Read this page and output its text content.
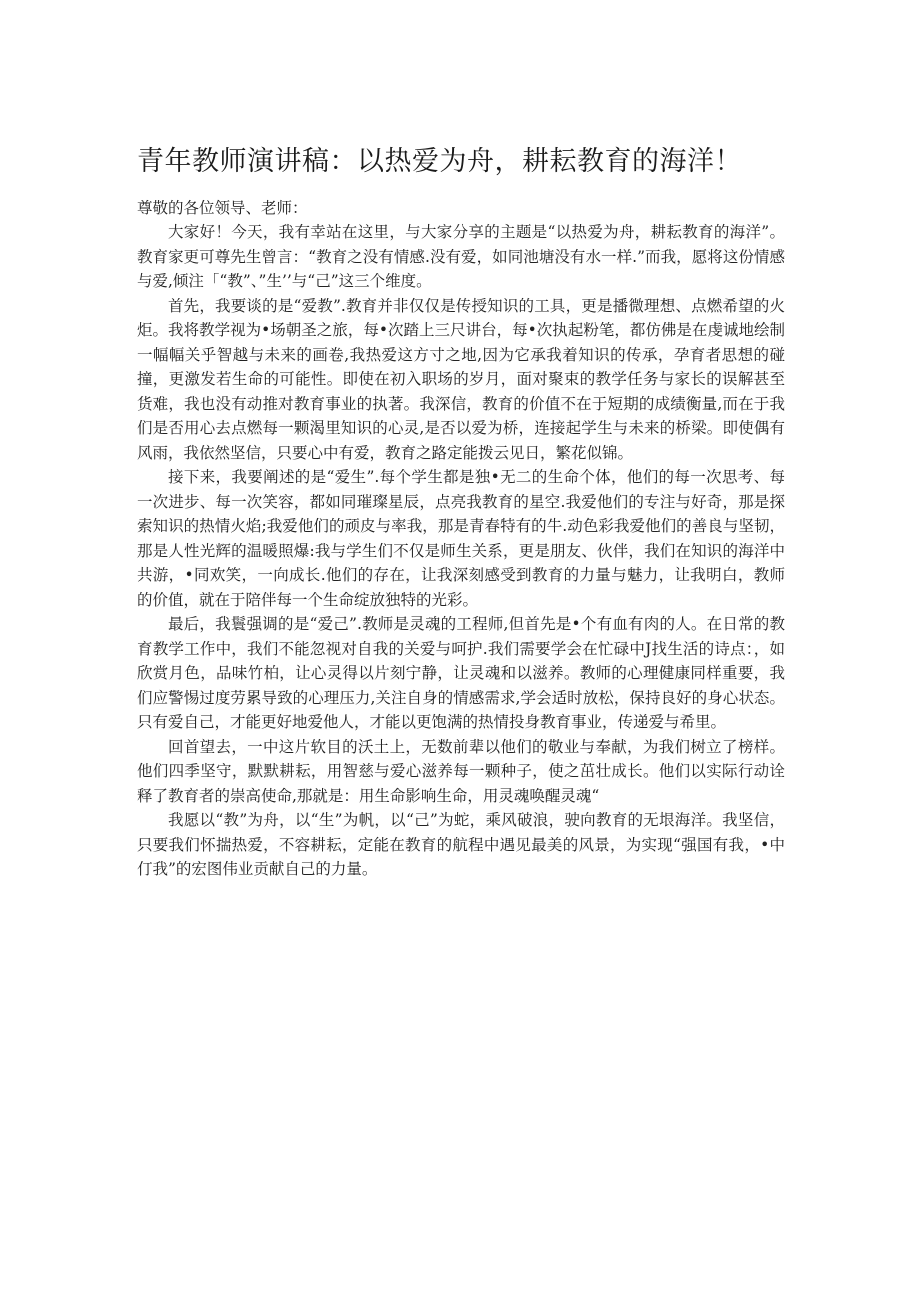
青年教师演讲稿：以热爱为舟，耕耘教育的海洋！

尊敬的各位领导、老师：

大家好！今天，我有幸站在这里，与大家分享的主题是“以热爱为舟，耕耘教育的海洋”。教育家更可尊先生曾言：“教育之没有情感.没有爱，如同池塘没有水一样.”而我，愿将这份情感与爱,倾注「“教”、”生’’与“己”这三个维度。

首先，我要谈的是“爱教”.教育并非仅仅是传授知识的工具，更是播微理想、点燃希望的火炬。我将教学视为•场朝圣之旅，每•次踏上三尺讲台，每•次执起粉笔，都仿佛是在虔诚地绘制一幅幅关乎智越与未来的画卷,我热爱这方寸之地,因为它承我着知识的传承，孕育者思想的碰撞，更激发若生命的可能性。即使在初入职场的岁月，面对聚束的教学任务与家长的误解甚至货难，我也没有动推对教育事业的执著。我深信，教育的价值不在于短期的成绩衡量,而在于我们是否用心去点燃每一颗渴里知识的心灵,是否以爱为桥，连接起学生与未来的桥梁。即使偶有风雨，我依然坚信，只要心中有爱，教育之路定能拨云见日，繁花似锦。

接下来，我要阐述的是“爱生”.每个学生都是独•无二的生命个体，他们的每一次思考、每一次进步、每一次笑容，都如同璀璨星辰，点亮我教育的星空.我爱他们的专注与好奇，那是探索知识的热情火焰;我爱他们的顽皮与率我，那是青春特有的牛.动色彩我爱他们的善良与坚韧，那是人性光辉的温暖照爆:我与学生们不仅是师生关系，更是朋友、伙伴，我们在知识的海洋中共游，•同欢笑，一向成长.他们的存在，让我深刻感受到教育的力量与魅力，让我明白，教师的价值，就在于陪伴每一个生命绽放独特的光彩。

最后，我鬟强调的是“爱己”.教师是灵魂的工程师,但首先是•个有血有肉的人。在日常的教育教学工作中，我们不能忽视对自我的关爱与呵护.我们需要学会在忙碌中J找生活的诗点：，如欣赏月色，品味竹柏，让心灵得以片刻宁静，让灵魂和以滋养。教师的心理健康同样重要，我们应警惕过度劳累导致的心理压力,关注自身的情感需求,学会适时放松，保持良好的身心状态。只有爱自己，才能更好地爱他人，才能以更饱满的热情投身教育事业，传递爱与希里。

回首望去，一中这片软目的沃土上，无数前辈以他们的敬业与奉献，为我们树立了榜样。他们四季坚守，默默耕耘，用智慈与爱心滋养每一颗种子，使之茁壮成长。他们以实际行动诠释了教育者的崇高使命,那就是：用生命影响生命，用灵魂唤醒灵魂“

我愿以“教”为舟，以“生”为帆，以“己”为蛇，乘风破浪，驶向教育的无垠海洋。我坚信，只要我们怀揣热爱，不容耕耘，定能在教育的航程中遇见最美的风景，为实现“强国有我，•中仃我”的宏图伟业贡献自己的力量。
